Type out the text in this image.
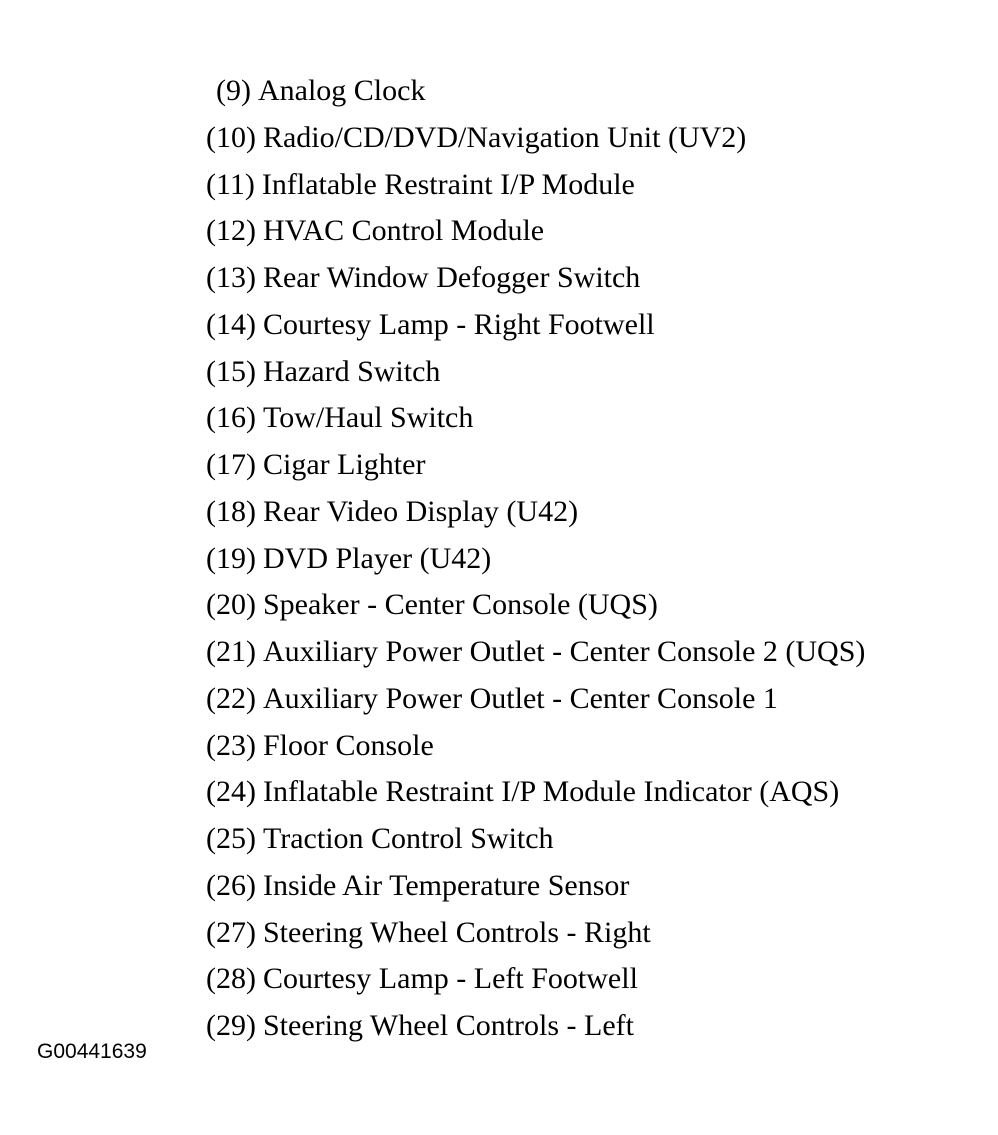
(9) Analog Clock
(10) Radio/CD/DVD/Navigation Unit (UV2)
(11) Inflatable Restraint I/P Module
(12) HVAC Control Module
(13) Rear Window Defogger Switch
(14) Courtesy Lamp - Right Footwell
(15) Hazard Switch
(16) Tow/Haul Switch
(17) Cigar Lighter
(18) Rear Video Display (U42)
(19) DVD Player (U42)
(20) Speaker - Center Console (UQS)
(21) Auxiliary Power Outlet - Center Console 2 (UQS)
(22) Auxiliary Power Outlet - Center Console 1
(23) Floor Console
(24) Inflatable Restraint I/P Module Indicator (AQS)
(25) Traction Control Switch
(26) Inside Air Temperature Sensor
(27) Steering Wheel Controls - Right
(28) Courtesy Lamp - Left Footwell
(29) Steering Wheel Controls - Left
G00441639
